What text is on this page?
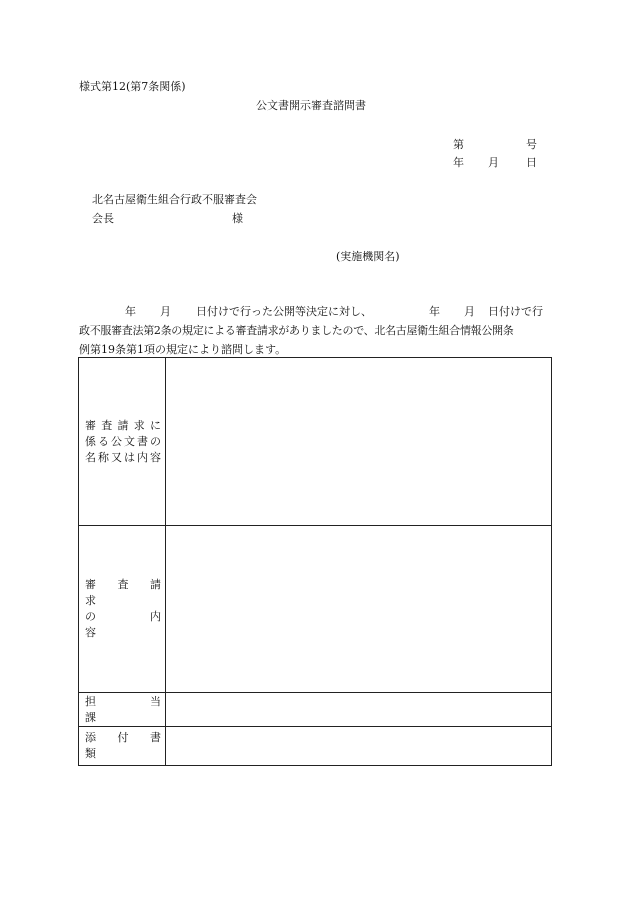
様式第12(第7条関係)
公文書開示審査諮問書
第	号
年 月 日
北名古屋衛生組合行政不服審査会
会長	様
(実施機関名)
年 月 日付けで行った公開等決定に対し、	年 月 日付けで行
政不服審査法第2条の規定による審査請求がありましたので、北名古屋衛生組合情報公開条
例第19条第1項の規定により諮問します。
審 査 請 求 に
係る公文書の
名称又は内容	

審　査　請　求
の　　内　　容	

担　　当　　課	

添　付　書　類	
